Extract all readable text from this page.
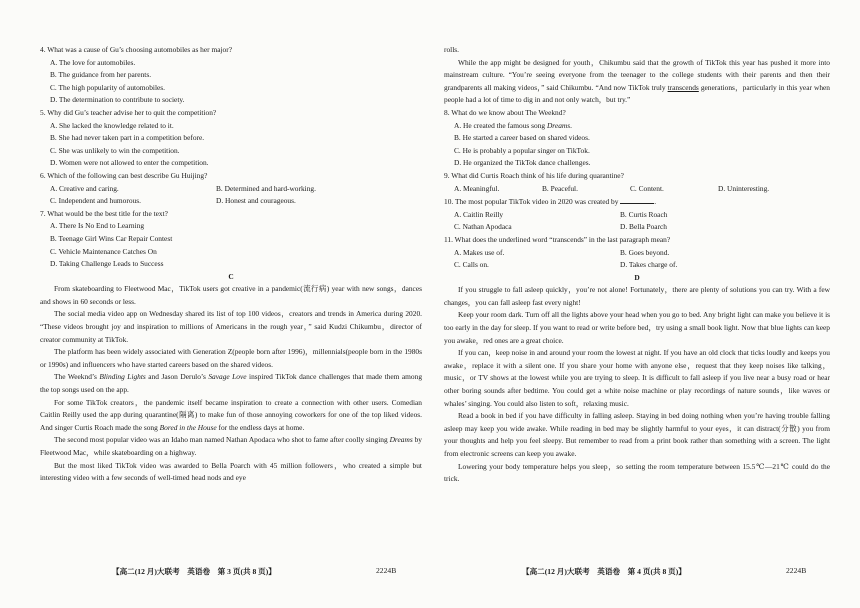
4. What was a cause of Gu’s choosing automobiles as her major?

A. The love for automobiles.

B. The guidance from her parents.

C. The high popularity of automobiles.

D. The determination to contribute to society.

5. Why did Gu’s teacher advise her to quit the competition?

A. She lacked the knowledge related to it.

B. She had never taken part in a competition before.

C. She was unlikely to win the competition.

D. Women were not allowed to enter the competition.

6. Which of the following can best describe Gu Huijing?

A. Creative and caring.	B. Determined and hard-working.
C. Independent and humorous.	D. Honest and courageous.

7. What would be the best title for the text?

A. There Is No End to Learning

B. Teenage Girl Wins Car Repair Contest

C. Vehicle Maintenance Catches On

D. Taking Challenge Leads to Success

C

From skateboarding to Fleetwood Mac，TikTok users got creative in a pandemic(流行病) year with new songs，dances and shows in 60 seconds or less.

The social media video app on Wednesday shared its list of top 100 videos，creators and trends in America during 2020. “These videos brought joy and inspiration to millions of Americans in the rough year，” said Kudzi Chikumbu，director of creator community at TikTok.

The platform has been widely associated with Generation Z(people born after 1996)，millennials(people born in the 1980s or 1990s) and influencers who have started careers based on the shared videos.

The Weeknd’s Blinding Lights and Jason Derulo’s Savage Love inspired TikTok dance challenges that made them among the top songs used on the app.

For some TikTok creators，the pandemic itself became inspiration to create a connection with other users. Comedian Caitlin Reilly used the app during quarantine(隔离) to make fun of those annoying coworkers for one of the top liked videos. And singer Curtis Roach made the song Bored in the House for the endless days at home.

The second most popular video was an Idaho man named Nathan Apodaca who shot to fame after coolly singing Dreams by Fleetwood Mac，while skateboarding on a highway.

But the most liked TikTok video was awarded to Bella Poarch with 45 million followers，who created a simple but interesting video with a few seconds of well-timed head nods and eye

【高二(12 月)大联考　英语卷　第 3 页(共 8 页)】	2224B

rolls.

While the app might be designed for youth，Chikumbu said that the growth of TikTok this year has pushed it more into mainstream culture. “You’re seeing everyone from the teenager to the college students with their parents and then their grandparents all making videos，” said Chikumbu. “And now TikTok truly transcends generations，particularly in this year when people had a lot of time to dig in and not only watch，but try.”

8. What do we know about The Weeknd?

A. He created the famous song Dreams.

B. He started a career based on shared videos.

C. He is probably a popular singer on TikTok.

D. He organized the TikTok dance challenges.

9. What did Curtis Roach think of his life during quarantine?

A. Meaningful.	B. Peaceful.	C. Content.	D. Uninteresting.

10. The most popular TikTok video in 2020 was created by	.

A. Caitlin Reilly	B. Curtis Roach
C. Nathan Apodaca	D. Bella Poarch

11. What does the underlined word “transcends” in the last paragraph mean?

A. Makes use of.	B. Goes beyond.
C. Calls on.	D. Takes charge of.

D

If you struggle to fall asleep quickly，you’re not alone! Fortunately，there are plenty of solutions you can try. With a few changes，you can fall asleep fast every night!

Keep your room dark. Turn off all the lights above your head when you go to bed. Any bright light can make you believe it is too early in the day for sleep. If you want to read or write before bed，try using a small book light. Now that blue lights can keep you awake，red ones are a great choice.

If you can，keep noise in and around your room the lowest at night. If you have an old clock that ticks loudly and keeps you awake，replace it with a silent one. If you share your home with anyone else，request that they keep noises like talking，music，or TV shows at the lowest while you are trying to sleep. It is difficult to fall asleep if you live near a busy road or hear other boring sounds after bedtime. You could get a white noise machine or play recordings of nature sounds，like waves or whales’ singing. You could also listen to soft，relaxing music.

Read a book in bed if you have difficulty in falling asleep. Staying in bed doing nothing when you’re having trouble falling asleep may keep you wide awake. While reading in bed may be slightly harmful to your eyes，it can distract(分散) you from your thoughts and help you feel sleepy. But remember to read from a print book rather than something with a screen. The light from electronic screens can keep you awake.

Lowering your body temperature helps you sleep，so setting the room temperature between 15.5℃—21℃ could do the trick.

【高二(12 月)大联考　英语卷　第 4 页(共 8 页)】	2224B
